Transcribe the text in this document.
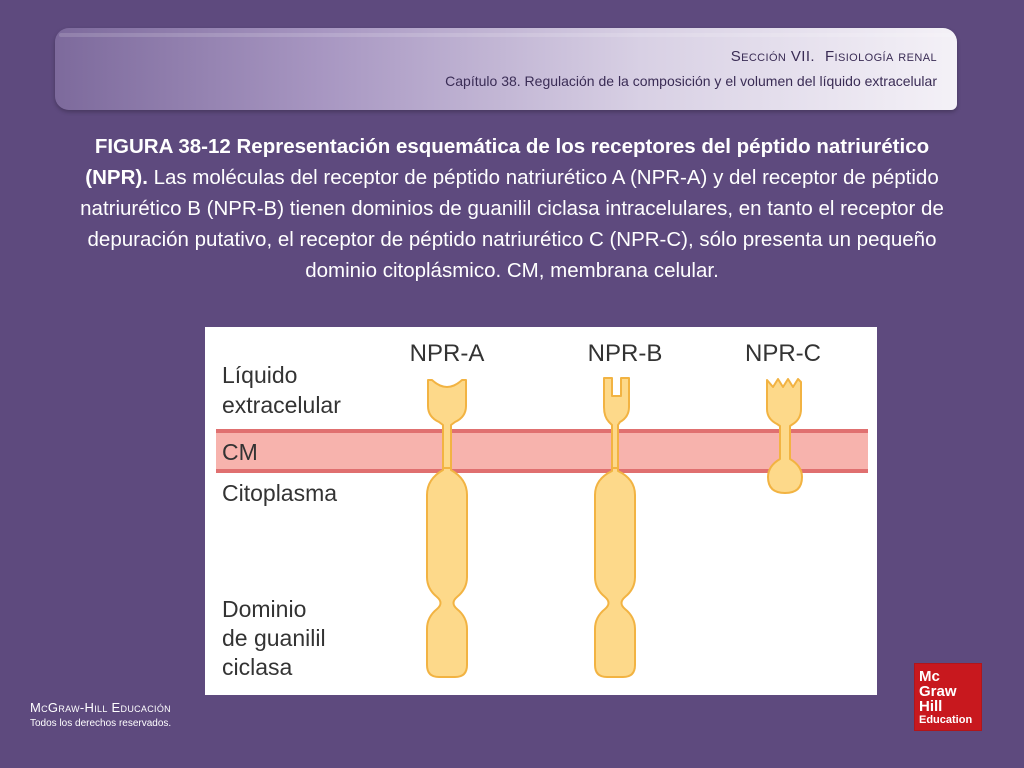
Sección VII. Fisiología renal
Capítulo 38. Regulación de la composición y el volumen del líquido extracelular
FIGURA 38-12 Representación esquemática de los receptores del péptido natriurético (NPR). Las moléculas del receptor de péptido natriurético A (NPR-A) y del receptor de péptido natriurético B (NPR-B) tienen dominios de guanilil ciclasa intracelulares, en tanto el receptor de depuración putativo, el receptor de péptido natriurético C (NPR-C), sólo presenta un pequeño dominio citoplásmico. CM, membrana celular.
NPR-A	NPR-B	NPR-C
Líquido
extracelular
CM
Citoplasma
Dominio
de guanilil
ciclasa
McGraw-Hill Educación
Todos los derechos reservados.
Mc
Graw
Hill
Education
